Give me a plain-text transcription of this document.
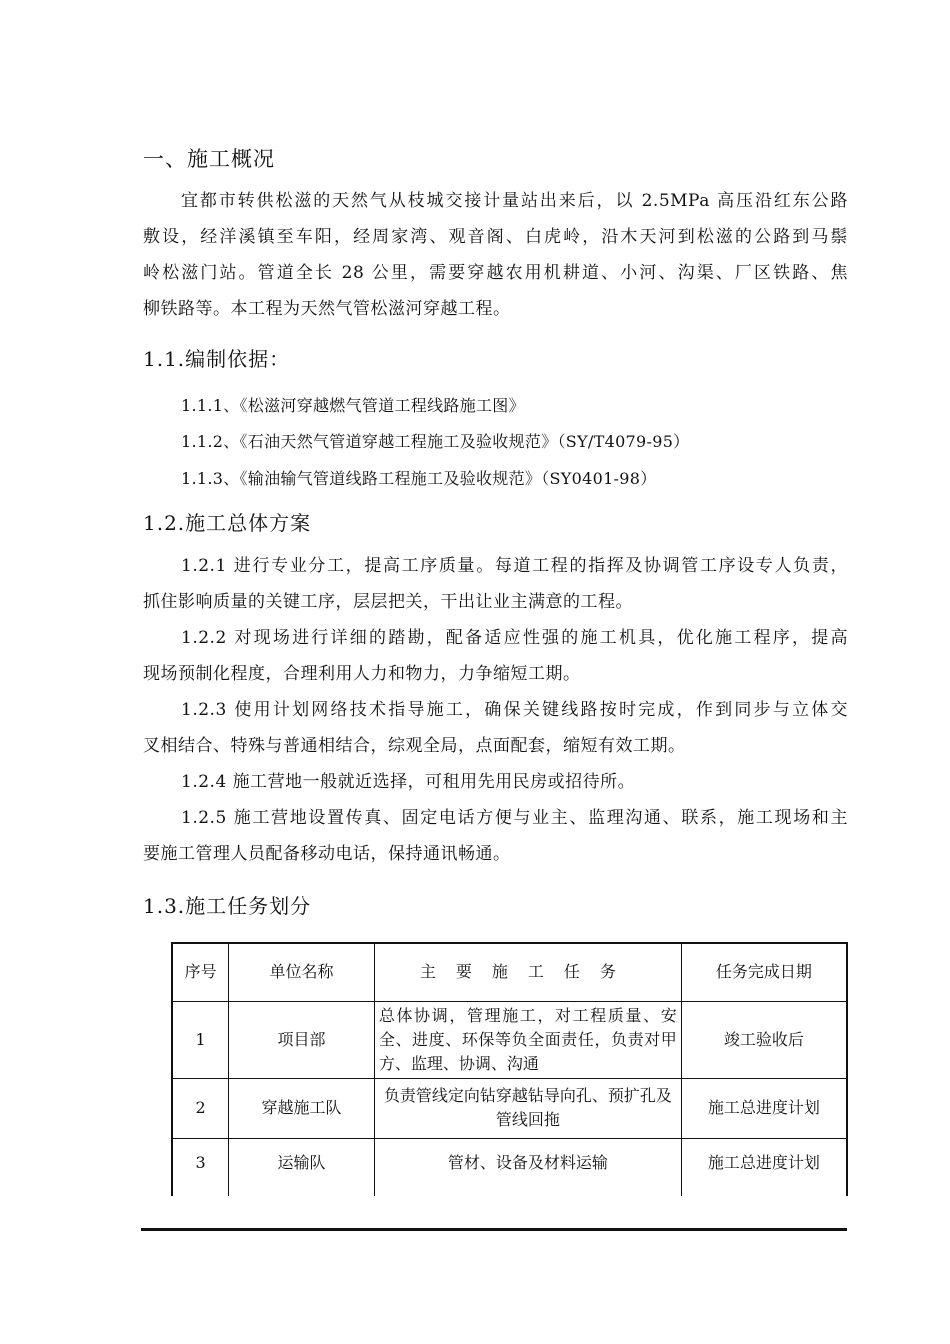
一、施工概况
宜都市转供松滋的天然气从枝城交接计量站出来后，以 2.5MPa 高压沿红东公路
敷设，经洋溪镇至车阳，经周家湾、观音阁、白虎岭，沿木天河到松滋的公路到马鬃
岭松滋门站。管道全长 28 公里，需要穿越农用机耕道、小河、沟渠、厂区铁路、焦
柳铁路等。本工程为天然气管松滋河穿越工程。
1.1.编制依据：
1.1.1、《松滋河穿越燃气管道工程线路施工图》
1.1.2、《石油天然气管道穿越工程施工及验收规范》（SY/T4079-95）
1.1.3、《输油输气管道线路工程施工及验收规范》（SY0401-98）
1.2.施工总体方案
1.2.1 进行专业分工，提高工序质量。每道工程的指挥及协调管工序设专人负责，
抓住影响质量的关键工序，层层把关，干出让业主满意的工程。
1.2.2 对现场进行详细的踏勘，配备适应性强的施工机具，优化施工程序，提高
现场预制化程度，合理利用人力和物力，力争缩短工期。
1.2.3 使用计划网络技术指导施工，确保关键线路按时完成，作到同步与立体交
叉相结合、特殊与普通相结合，综观全局，点面配套，缩短有效工期。
1.2.4 施工营地一般就近选择，可租用先用民房或招待所。
1.2.5 施工营地设置传真、固定电话方便与业主、监理沟通、联系，施工现场和主
要施工管理人员配备移动电话，保持通讯畅通。
1.3.施工任务划分
序号	单位名称	主要施工任务	任务完成日期
1	项目部	总体协调，管理施工，对工程质量、安全、进度、环保等负全面责任，负责对甲方、监理、协调、沟通	竣工验收后
2	穿越施工队	负责管线定向钻穿越钻导向孔、预扩孔及管线回拖	施工总进度计划
3	运输队	管材、设备及材料运输	施工总进度计划
